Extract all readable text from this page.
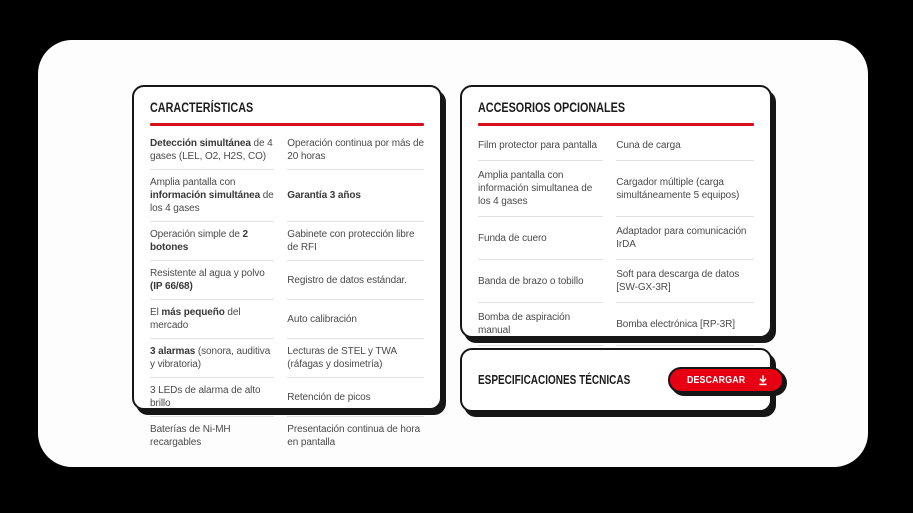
CARACTERÍSTICAS
Detección simultánea de 4 gases (LEL, O2, H2S, CO)
Operación continua por más de 20 horas
Amplia pantalla con información simultánea de los 4 gases
Garantía 3 años
Operación simple de 2 botones
Gabinete con protección libre de RFI
Resistente al agua y polvo (IP 66/68)
Registro de datos estándar.
El más pequeño del mercado
Auto calibración
3 alarmas (sonora, auditiva y vibratoria)
Lecturas de STEL y TWA (ráfagas y dosimetría)
3 LEDs de alarma de alto brillo
Retención de picos
Baterías de Ni-MH recargables
Presentación continua de hora en pantalla
ACCESORIOS OPCIONALES
Film protector para pantalla	Cuna de carga
Amplia pantalla con información simultanea de los 4 gases
Cargador múltiple (carga simultáneamente 5 equipos)
Funda de cuero
Adaptador para comunicación IrDA
Banda de brazo o tobillo
Soft para descarga de datos [SW-GX-3R]
Bomba de aspiración manual
Bomba electrónica [RP-3R]
ESPECIFICACIONES TÉCNICAS	DESCARGAR
